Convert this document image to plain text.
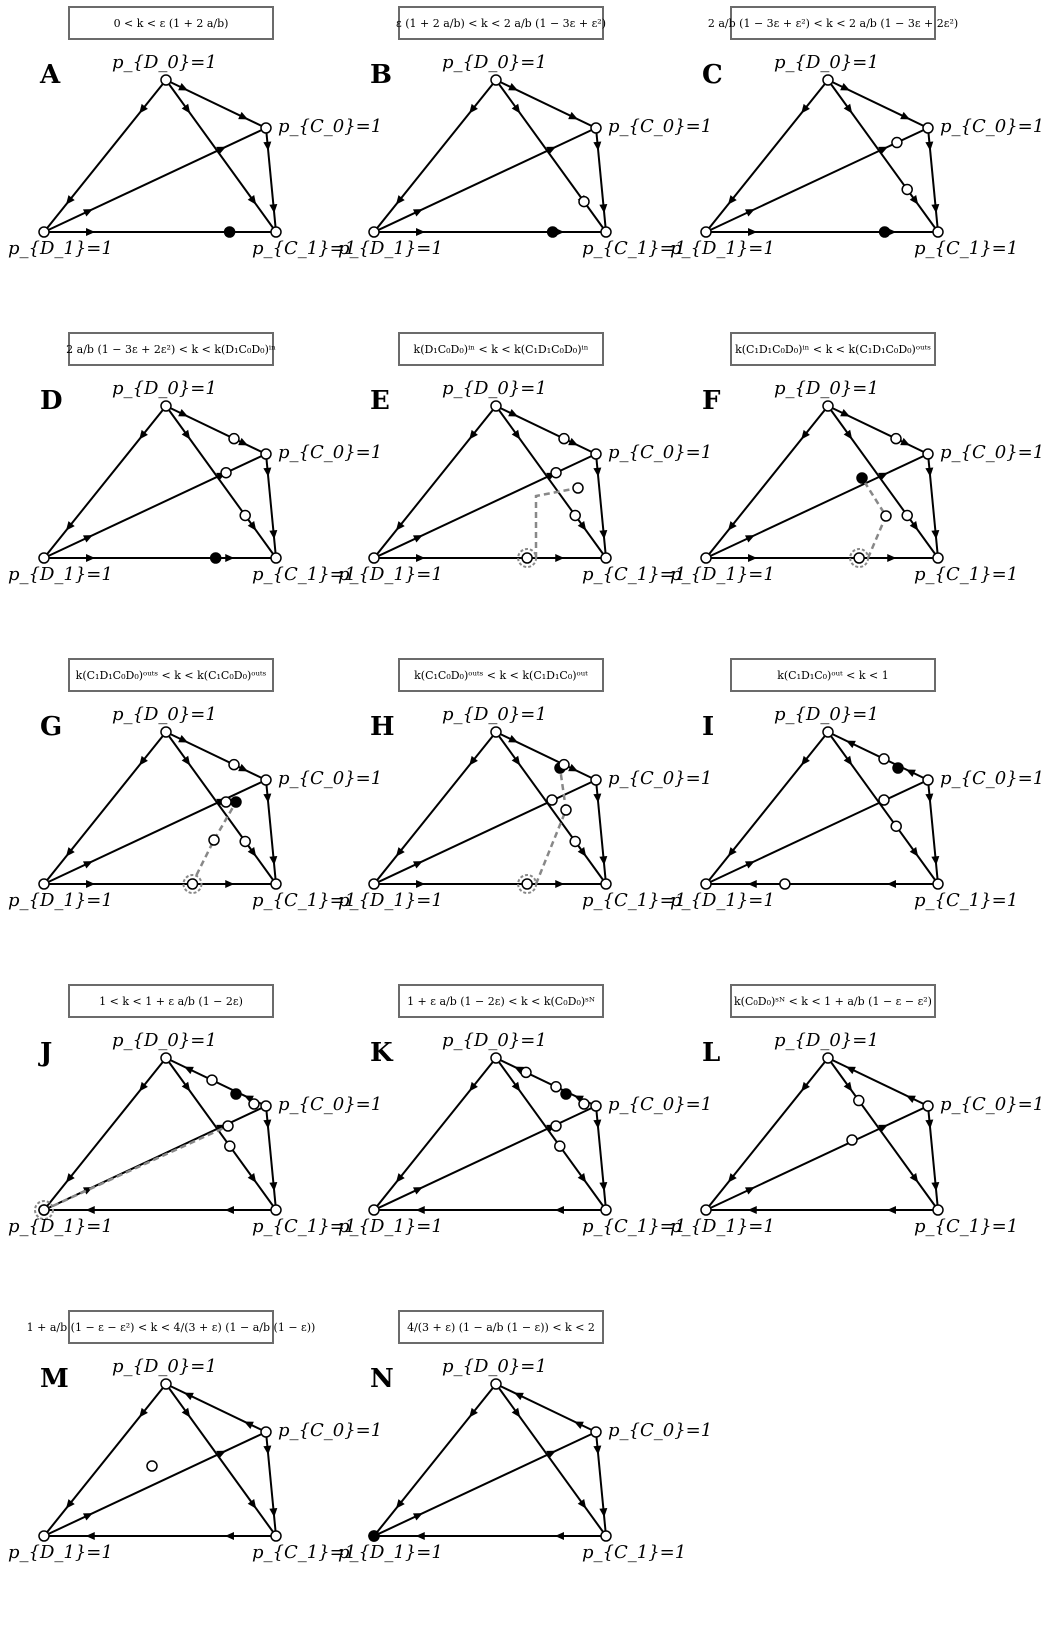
0 < k < ε (1 + 2 a/b)
A	p_{D_0}=1
p_{C_0}=1
p_{D_1}=1	p_{C_1}=1
ε (1 + 2 a/b) < k < 2 a/b (1 − 3ε + ε²)
B	p_{D_0}=1
p_{C_0}=1
p_{D_1}=1	p_{C_1}=1
2 a/b (1 − 3ε + ε²) < k < 2 a/b (1 − 3ε + 2ε²)
C	p_{D_0}=1
p_{C_0}=1
p_{D_1}=1	p_{C_1}=1
2 a/b (1 − 3ε + 2ε²) < k < k(D₁C₀D₀)ⁱⁿ
D	p_{D_0}=1
p_{C_0}=1
p_{D_1}=1	p_{C_1}=1
k(D₁C₀D₀)ⁱⁿ < k < k(C₁D₁C₀D₀)ⁱⁿ
E	p_{D_0}=1
p_{C_0}=1
p_{D_1}=1	p_{C_1}=1
k(C₁D₁C₀D₀)ⁱⁿ < k < k(C₁D₁C₀D₀)ᵒᵘᵗˢ
F	p_{D_0}=1
p_{C_0}=1
p_{D_1}=1	p_{C_1}=1
k(C₁D₁C₀D₀)ᵒᵘᵗˢ < k < k(C₁C₀D₀)ᵒᵘᵗˢ
G	p_{D_0}=1
p_{C_0}=1
p_{D_1}=1	p_{C_1}=1
k(C₁C₀D₀)ᵒᵘᵗˢ < k < k(C₁D₁C₀)ᵒᵘᵗ
H	p_{D_0}=1
p_{C_0}=1
p_{D_1}=1	p_{C_1}=1
k(C₁D₁C₀)ᵒᵘᵗ < k < 1
I	p_{D_0}=1
p_{C_0}=1
p_{D_1}=1	p_{C_1}=1
1 < k < 1 + ε a/b (1 − 2ε)
J	p_{D_0}=1
p_{C_0}=1
p_{D_1}=1	p_{C_1}=1
1 + ε a/b (1 − 2ε) < k < k(C₀D₀)ˢᴺ
K	p_{D_0}=1
p_{C_0}=1
p_{D_1}=1	p_{C_1}=1
k(C₀D₀)ˢᴺ < k < 1 + a/b (1 − ε − ε²)
L	p_{D_0}=1
p_{C_0}=1
p_{D_1}=1	p_{C_1}=1
1 + a/b (1 − ε − ε²) < k < 4/(3 + ε) (1 − a/b (1 − ε))
M p_{D_0}=1
p_{C_0}=1
p_{D_1}=1	p_{C_1}=1
4/(3 + ε) (1 − a/b (1 − ε)) < k < 2
N	p_{D_0}=1
p_{C_0}=1
p_{D_1}=1	p_{C_1}=1
